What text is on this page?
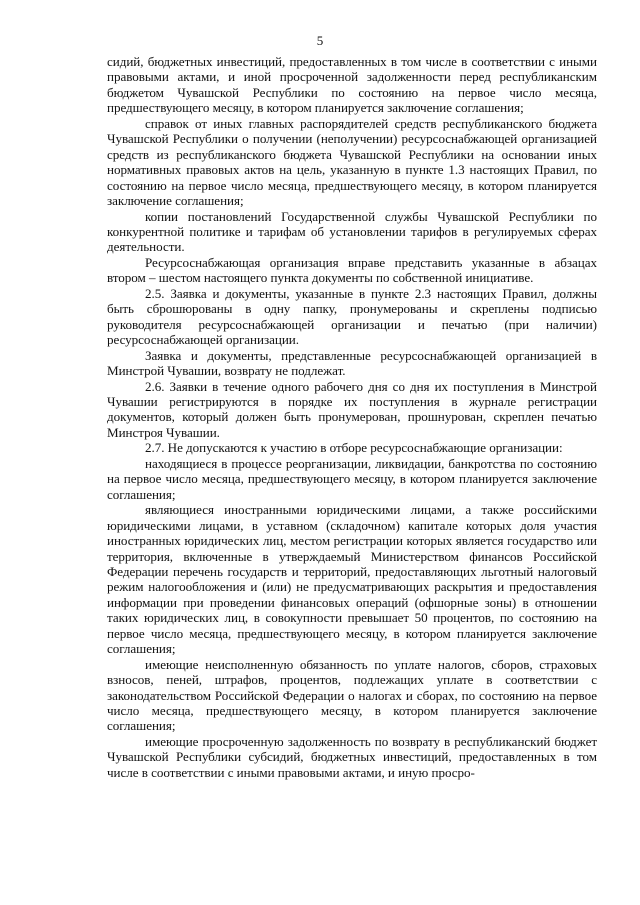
5

сидий, бюджетных инвестиций, предоставленных в том числе в соответствии с иными правовыми актами, и иной просроченной задолженности перед республиканским бюджетом Чувашской Республики по состоянию на первое число месяца, предшествующего месяцу, в котором планируется заключение соглашения;

справок от иных главных распорядителей средств республиканского бюджета Чувашской Республики о получении (неполучении) ресурсоснабжающей организацией средств из республиканского бюджета Чувашской Республики на основании иных нормативных правовых актов на цель, указанную в пункте 1.3 настоящих Правил, по состоянию на первое число месяца, предшествующего месяцу, в котором планируется заключение соглашения;

копии постановлений Государственной службы Чувашской Республики по конкурентной политике и тарифам об установлении тарифов в регулируемых сферах деятельности.

Ресурсоснабжающая организация вправе представить указанные в абзацах втором – шестом настоящего пункта документы по собственной инициативе.

2.5. Заявка и документы, указанные в пункте 2.3 настоящих Правил, должны быть сброшюрованы в одну папку, пронумерованы и скреплены подписью руководителя ресурсоснабжающей организации и печатью (при наличии) ресурсоснабжающей организации.

Заявка и документы, представленные ресурсоснабжающей организацией в Минстрой Чувашии, возврату не подлежат.

2.6. Заявки в течение одного рабочего дня со дня их поступления в Минстрой Чувашии регистрируются в порядке их поступления в журнале регистрации документов, который должен быть пронумерован, прошнурован, скреплен печатью Минстроя Чувашии.

2.7. Не допускаются к участию в отборе ресурсоснабжающие организации:

находящиеся в процессе реорганизации, ликвидации, банкротства по состоянию на первое число месяца, предшествующего месяцу, в котором планируется заключение соглашения;

являющиеся иностранными юридическими лицами, а также российскими юридическими лицами, в уставном (складочном) капитале которых доля участия иностранных юридических лиц, местом регистрации которых является государство или территория, включенные в утверждаемый Министерством финансов Российской Федерации перечень государств и территорий, предоставляющих льготный налоговый режим налогообложения и (или) не предусматривающих раскрытия и предоставления информации при проведении финансовых операций (офшорные зоны) в отношении таких юридических лиц, в совокупности превышает 50 процентов, по состоянию на первое число месяца, предшествующего месяцу, в котором планируется заключение соглашения;

имеющие неисполненную обязанность по уплате налогов, сборов, страховых взносов, пеней, штрафов, процентов, подлежащих уплате в соответствии с законодательством Российской Федерации о налогах и сборах, по состоянию на первое число месяца, предшествующего месяцу, в котором планируется заключение соглашения;

имеющие просроченную задолженность по возврату в республиканский бюджет Чувашской Республики субсидий, бюджетных инвестиций, предоставленных в том числе в соответствии с иными правовыми актами, и иную просро-
